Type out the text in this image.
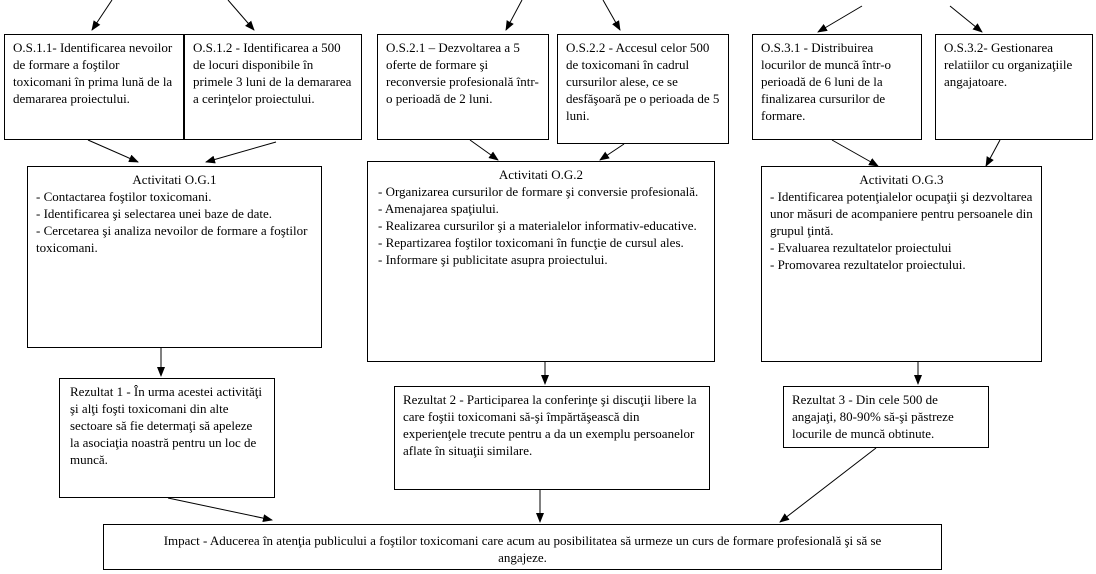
O.S.1.1- Identificarea nevoilor de formare a foştilor toxicomani în prima lună de la demararea proiectului.
O.S.1.2 - Identificarea a 500 de locuri disponibile în primele 3 luni de la demararea a cerinţelor proiectului.
O.S.2.1 – Dezvoltarea a 5 oferte de formare şi reconversie profesională într-o perioadă de 2 luni.
O.S.2.2 - Accesul celor 500 de toxicomani în cadrul cursurilor alese, ce se desfăşoară pe o perioada de 5 luni.
O.S.3.1 - Distribuirea locurilor de muncă într-o perioadă de 6 luni de la finalizarea cursurilor de formare.
O.S.3.2- Gestionarea relatiilor cu organizaţiile angajatoare.
Activitati O.G.1
- Contactarea foştilor toxicomani.
- Identificarea şi selectarea unei baze de date.
- Cercetarea şi analiza nevoilor de formare a foştilor toxicomani.
Activitati O.G.2
- Organizarea cursurilor de formare şi conversie profesională.
- Amenajarea spaţiului.
- Realizarea cursurilor şi a materialelor informativ-educative.
- Repartizarea foştilor toxicomani în funcţie de cursul ales.
- Informare şi publicitate asupra proiectului.
Activitati O.G.3
- Identificarea potenţialelor ocupaţii şi dezvoltarea unor măsuri de acompaniere pentru persoanele din grupul ţintă.
- Evaluarea rezultatelor proiectului
- Promovarea rezultatelor proiectului.
Rezultat 1 - În urma acestei activităţi şi alţi foşti toxicomani din alte sectoare să fie determaţi să apeleze la asociaţia noastră pentru un loc de muncă.
Rezultat 2 - Participarea la conferinţe şi discuţii libere la care foştii toxicomani să-şi împărtăşească din experienţele trecute pentru a da un exemplu persoanelor aflate în situaţii similare.
Rezultat 3 - Din cele 500 de angajaţi, 80-90% să-şi păstreze locurile de muncă obtinute.
Impact - Aducerea în atenţia publicului a foştilor toxicomani care acum au posibilitatea să urmeze un curs de formare profesională şi să se angajeze.
